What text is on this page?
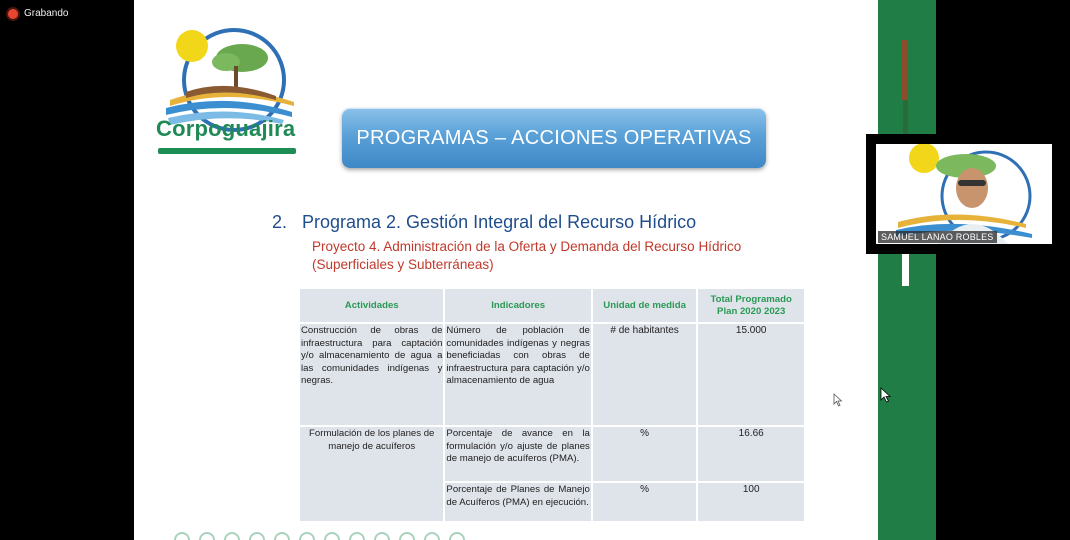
Grabando
Corpoguajira	PROGRAMAS – ACCIONES OPERATIVAS
2.   Programa 2. Gestión Integral del Recurso Hídrico
Proyecto 4. Administración de la Oferta y Demanda del Recurso Hídrico (Superficiales y Subterráneas)
Actividades	Indicadores	Unidad de medida	Total Programado Plan 2020 2023
Construcción de obras de infraestructura para captación y/o almacenamiento de agua a las comunidades indígenas y negras.	Número de población de comunidades indígenas y negras beneficiadas con obras de infraestructura para captación y/o almacenamiento de agua	# de habitantes	15.000
Formulación de los planes de manejo de acuíferos	Porcentaje de avance en la formulación y/o ajuste de planes de manejo de acuíferos (PMA).	%	16.66
	Porcentaje de Planes de Manejo de Acuíferos (PMA) en ejecución.	%	100
SAMUEL LANAO ROBLES
